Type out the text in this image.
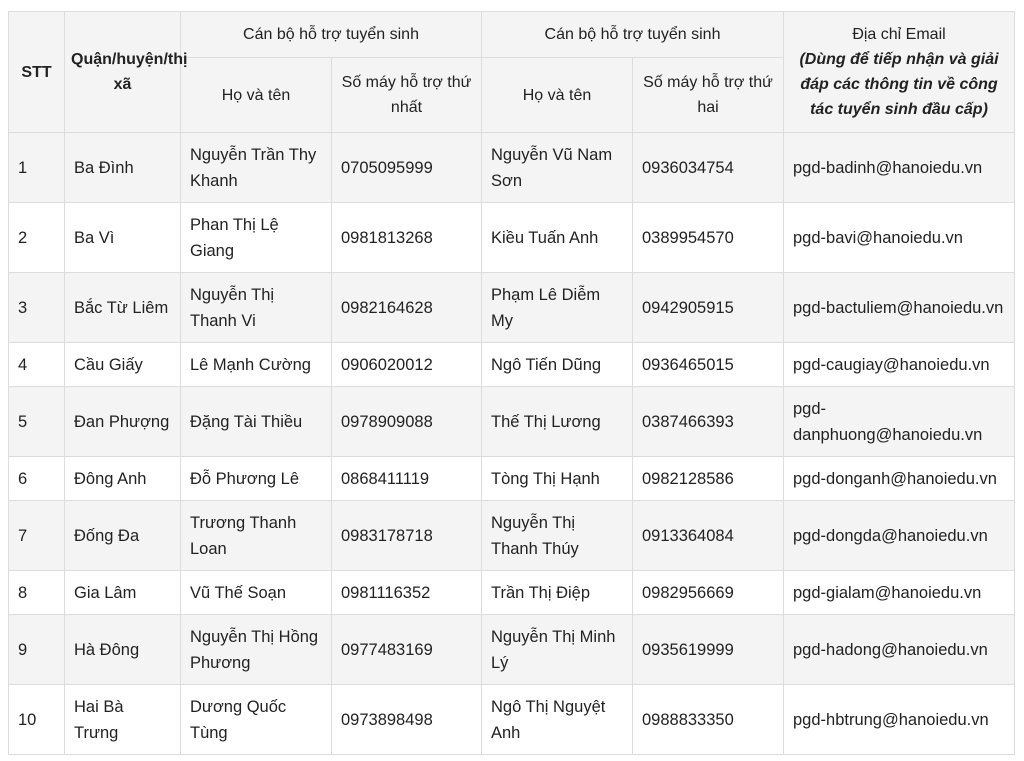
STT	Quận/huyện/thị xã	Cán bộ hỗ trợ tuyển sinh		Cán bộ hỗ trợ tuyển sinh		Địa chỉ Email
(Dùng để tiếp nhận và giải đáp các thông tin về công tác tuyển sinh đầu cấp)

		Họ và tên	Số máy hỗ trợ thứ nhất	Họ và tên	Số máy hỗ trợ thứ hai	
1	Ba Đình	Nguyễn Trần Thy Khanh	0705095999	Nguyễn Vũ Nam Sơn	0936034754	pgd-badinh@hanoiedu.vn
2	Ba Vì	Phan Thị Lệ Giang	0981813268	Kiều Tuấn Anh	0389954570	pgd-bavi@hanoiedu.vn
3	Bắc Từ Liêm	Nguyễn Thị Thanh Vi	0982164628	Phạm Lê Diễm My	0942905915	pgd-bactuliem@hanoiedu.vn
4	Cầu Giấy	Lê Mạnh Cường	0906020012	Ngô Tiến Dũng	0936465015	pgd-caugiay@hanoiedu.vn
5	Đan Phượng	Đặng Tài Thiều	0978909088	Thế Thị Lương	0387466393	pgd-danphuong@hanoiedu.vn
6	Đông Anh	Đỗ Phương Lê	0868411119	Tòng Thị Hạnh	0982128586	pgd-donganh@hanoiedu.vn
7	Đống Đa	Trương Thanh Loan	0983178718	Nguyễn Thị Thanh Thúy	0913364084	pgd-dongda@hanoiedu.vn
8	Gia Lâm	Vũ Thế Soạn	0981116352	Trần Thị Điệp	0982956669	pgd-gialam@hanoiedu.vn
9	Hà Đông	Nguyễn Thị Hồng Phương	0977483169	Nguyễn Thị Minh Lý	0935619999	pgd-hadong@hanoiedu.vn
10	Hai Bà Trưng	Dương Quốc Tùng	0973898498	Ngô Thị Nguyệt Anh	0988833350	pgd-hbtrung@hanoiedu.vn
